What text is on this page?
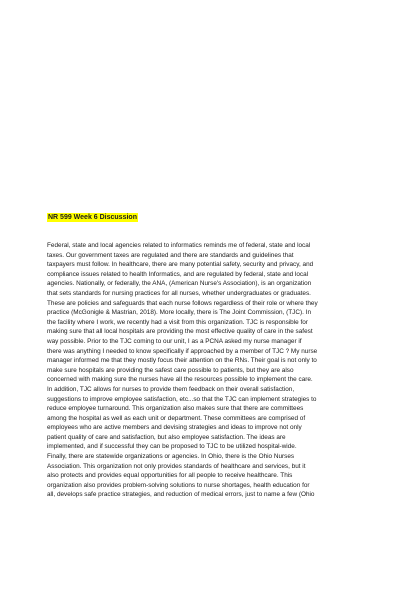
NR 599 Week 6 Discussion
Federal, state and local agencies related to informatics reminds me of federal, state and local
taxes. Our government taxes are regulated and there are standards and guidelines that
taxpayers must follow. In healthcare, there are many potential safety, security and privacy, and
compliance issues related to health Informatics, and are regulated by federal, state and local
agencies. Nationally, or federally, the ANA, (American Nurse's Association), is an organization
that sets standards for nursing practices for all nurses, whether undergraduates or graduates.
These are policies and safeguards that each nurse follows regardless of their role or where they
practice (McGonigle & Mastrian, 2018). More locally, there is The Joint Commission, (TJC). In
the facility where I work, we recently had a visit from this organization. TJC is responsible for
making sure that all local hospitals are providing the most effective quality of care in the safest
way possible. Prior to the TJC coming to our unit, I as a PCNA asked my nurse manager if
there was anything I needed to know specifically if approached by a member of TJC ? My nurse
manager informed me that they mostly focus their attention on the RNs. Their goal is not only to
make sure hospitals are providing the safest care possible to patients, but they are also
concerned with making sure the nurses have all the resources possible to implement the care.
In addition, TJC allows for nurses to provide them feedback on their overall satisfaction,
suggestions to improve employee satisfaction, etc...so that the TJC can implement strategies to
reduce employee turnaround. This organization also makes sure that there are committees
among the hospital as well as each unit or department. These committees are comprised of
employees who are active members and devising strategies and ideas to improve not only
patient quality of care and satisfaction, but also employee satisfaction. The ideas are
implemented, and if successful they can be proposed to TJC to be utilized hospital-wide.
Finally, there are statewide organizations or agencies. In Ohio, there is the Ohio Nurses
Association. This organization not only provides standards of healthcare and services, but it
also protects and provides equal opportunities for all people to receive healthcare. This
organization also provides problem-solving solutions to nurse shortages, health education for
all, develops safe practice strategies, and reduction of medical errors, just to name a few (Ohio
